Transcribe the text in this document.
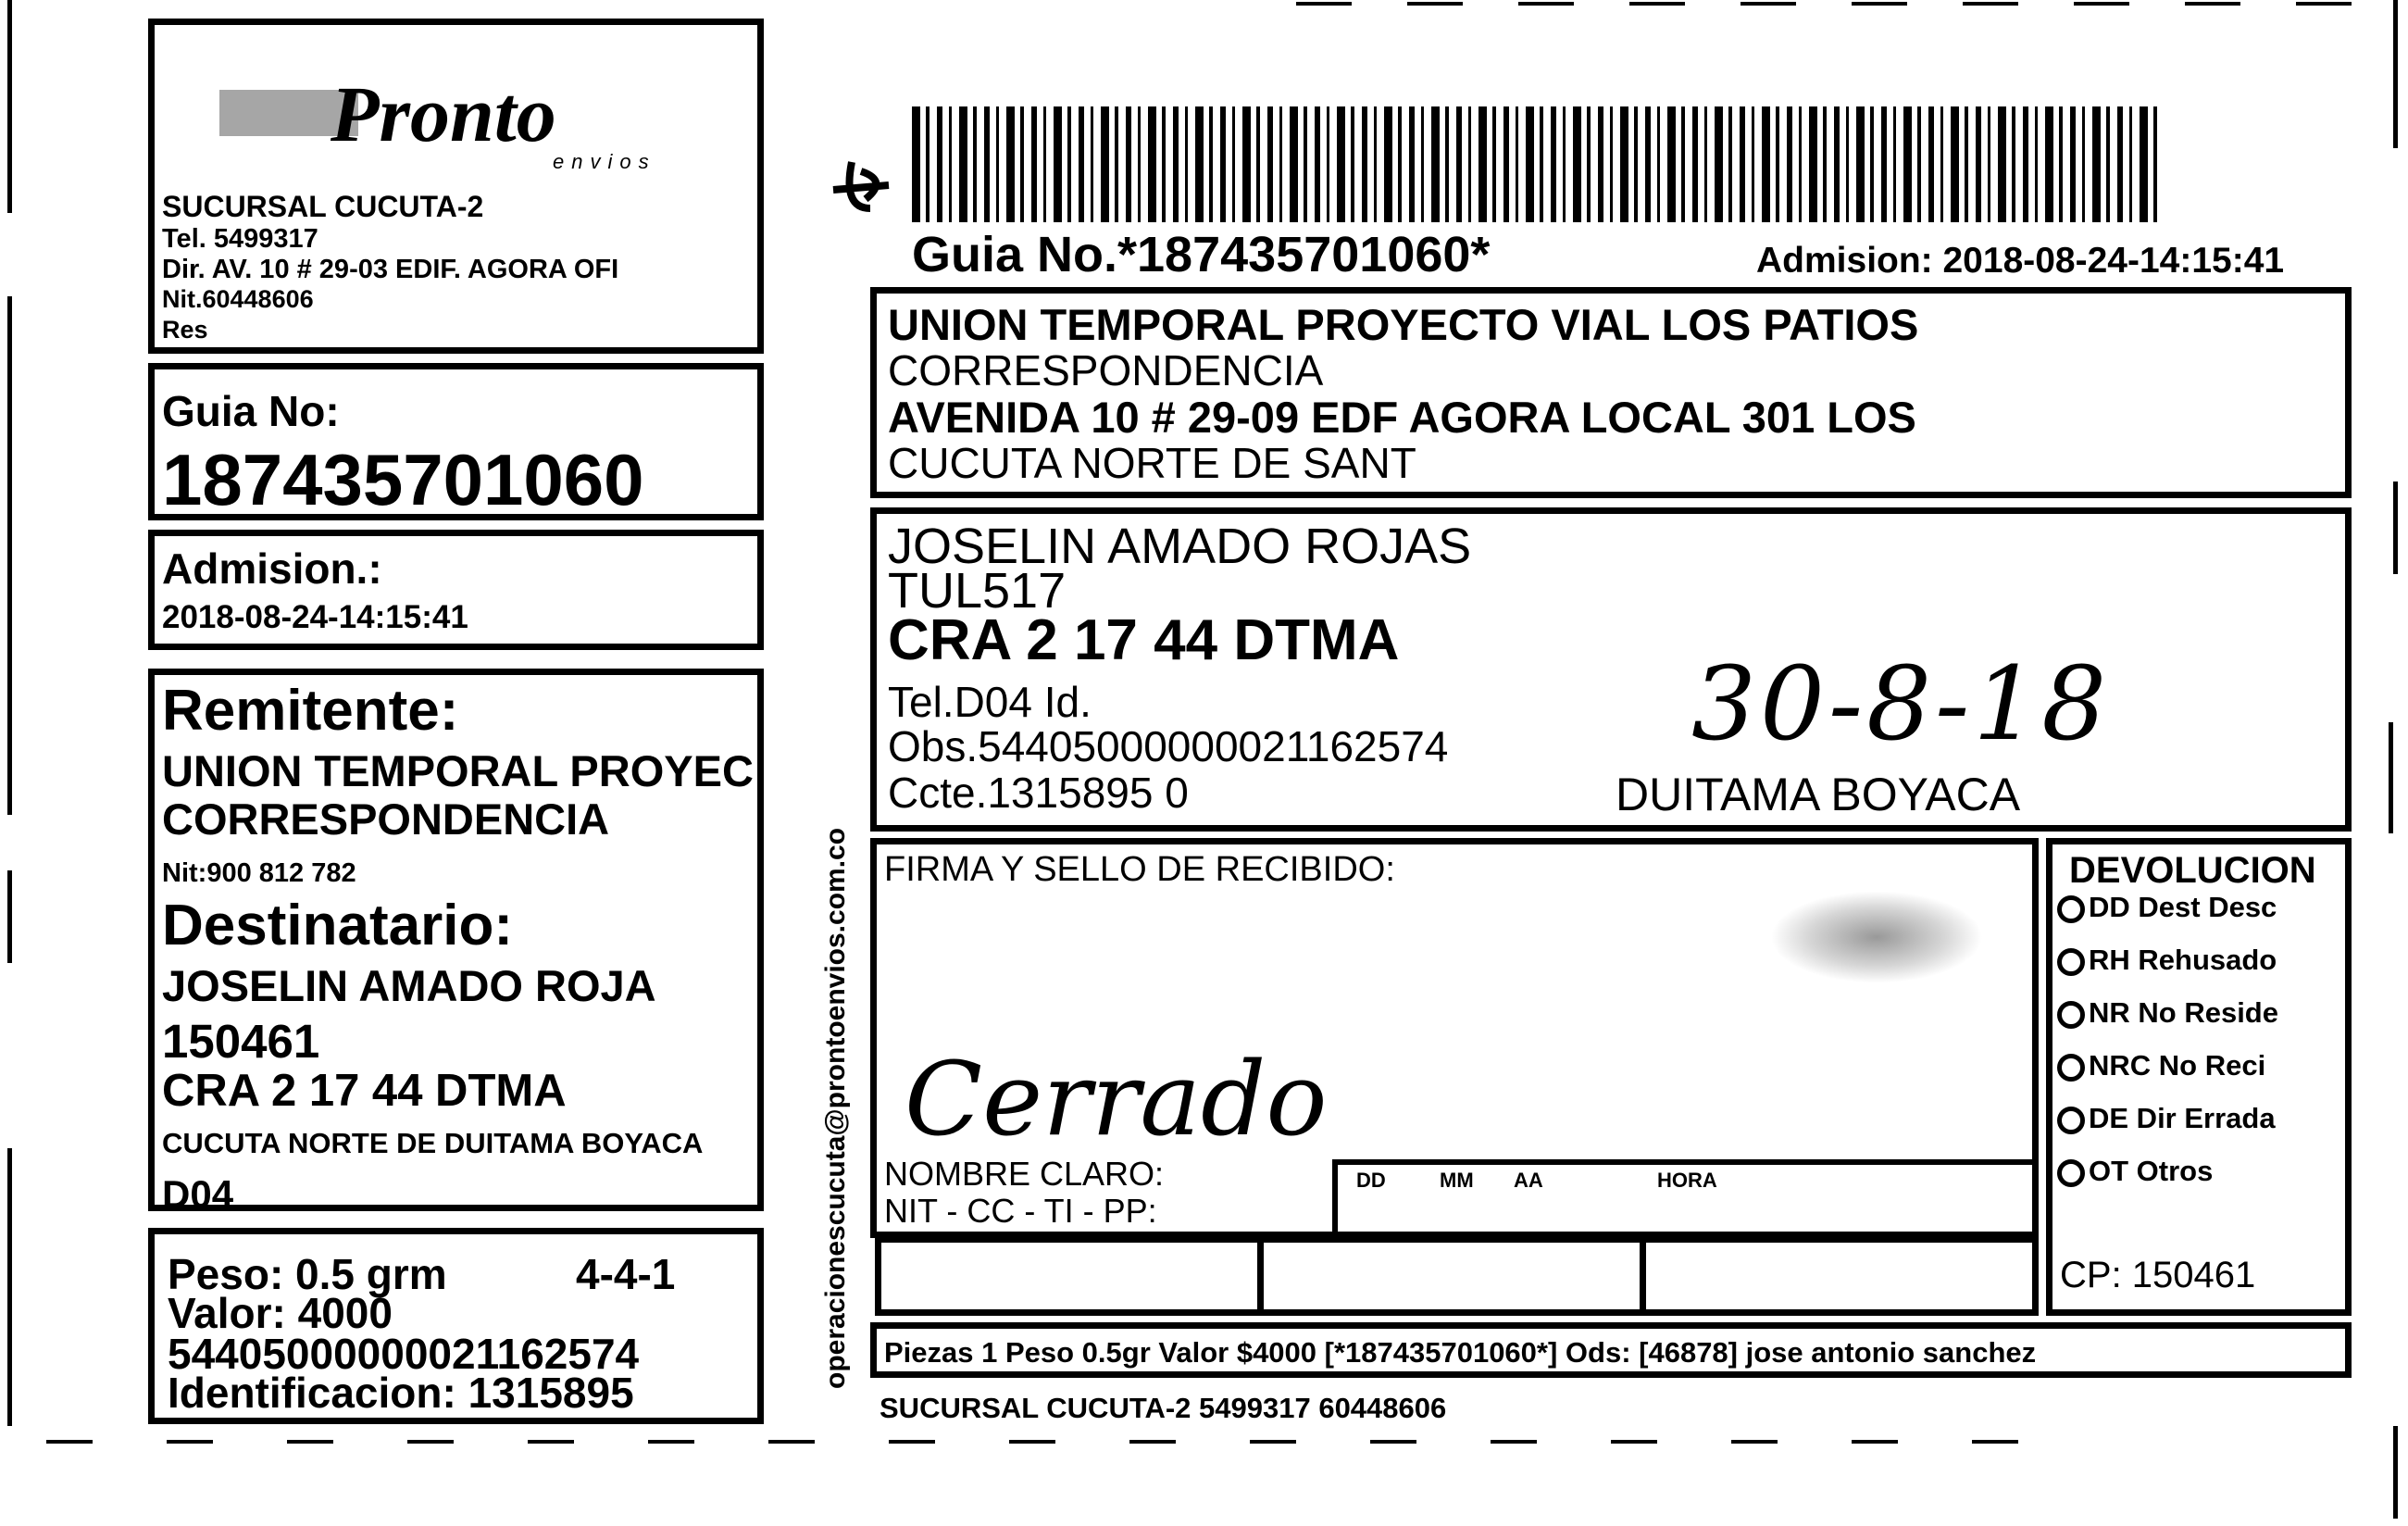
Pronto
envios
SUCURSAL CUCUTA-2
Tel. 5499317
Dir. AV. 10 # 29-03 EDIF. AGORA OFI
Nit.60448606
Res
Guia No:
187435701060
Admision.:
2018-08-24-14:15:41
Remitente:
UNION TEMPORAL PROYEC
CORRESPONDENCIA
Nit:900 812 782
Destinatario:
JOSELIN AMADO ROJA
150461
CRA 2 17 44 DTMA
CUCUTA NORTE DE DUITAMA BOYACA
D04
Peso: 0.5 grm	4-4-1
Valor: 4000
54405000000021162574
Identificacion: 1315895
operacionescucuta@prontoenvios.com.co
Guia No.*187435701060*	Admision: 2018-08-24-14:15:41
UNION TEMPORAL PROYECTO VIAL LOS PATIOS
CORRESPONDENCIA
AVENIDA 10 # 29-09 EDF AGORA LOCAL 301 LOS
CUCUTA NORTE DE SANT
JOSELIN AMADO ROJAS
TUL517
CRA 2 17 44 DTMA
Tel.D04 Id.
Obs.54405000000021162574
Ccte.1315895 0	DUITAMA BOYACA
30-8-18
FIRMA Y SELLO DE RECIBIDO:
Cerrado
NOMBRE CLARO:
NIT - CC - TI - PP:
DD	MM AA	HORA
DEVOLUCION
CP: 150461
DD Dest Desc
RH Rehusado
NR No Reside
NRC No Reci
DE Dir Errada
OT Otros
Piezas 1 Peso 0.5gr Valor $4000 [*187435701060*] Ods: [46878] jose antonio sanchez
SUCURSAL CUCUTA-2 5499317 60448606
